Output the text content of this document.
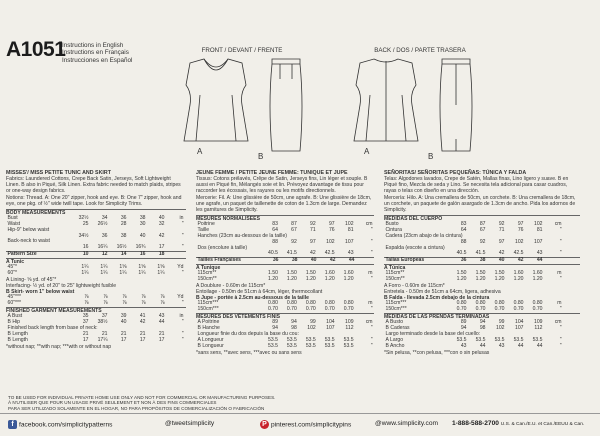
A1051
Instructions in English
Instructions en Français
Instrucciones en Español
FRONT / DEVANT / FRENTE	BACK / DOS / PARTE TRASERA
A
B
A
B
MISSES'/ MISS PETITE TUNIC AND SKIRT
Fabrics: Laundered Cottons, Crepe Back Satin, Jerseys, Soft Lightweight Linen. B also in Piqué, Silk Linen. Extra fabric needed to match plaids, stripes or one-way design fabrics.
Notions: Thread. A: One 20" zipper, hook and eye. B: One 7" zipper, hook and eye, one pkg. of ½" wide twill tape. Look for Simplicity Trims.
BODY MEASUREMENTS
Bust	32½	34	36	38	40	in
Waist	25	26½	28	30	32	"
Hip-9" below waist						
	34½	36	38	40	42	"
Back-neck to waist						
	16	16¼	16½	16¾	17	"
Pattern Size	10	12	14	16	18
A Tunic
45"*	1¼	1¼	1⅝	1⅝	1⅝	Yd
60"*	1¼	1¼	1¼	1¼	1¼	"
A Lining- ⅝ yd. of 45"*
Interfacing- ½ yd. of 20" to 25" lightweight fusible
B Skirt- worn 1" below waist
45"***	⅞	⅞	⅞	⅞	⅞	Yd
60"***	⅞	⅞	⅞	⅞	⅞	"
FINISHED GARMENT MEASUREMENTS
A Bust	35	37	39	41	43	in
B Hip	37	38½	40	42	44	"
Finished back length from base of neck:						
B Length	21	21	21	21	21	"
B Length	17	17¼	17	17	17	"
*without nap; **with nap; ***with or without nap
JEUNE FEMME / PETITE JEUNE FEMME: TUNIQUE ET JUPE
Tissus: Cotons prélavés, Crêpe de Satin, Jerseys fins, Lin léger et souple. B aussi en Piqué fin, Mélangés soie et lin. Prévoyez davantage de tissu pour raccorder les écossais, les rayures ou les motifs directionnels.
Mercerie: Fil. A: Une glissière de 50cm, une agrafe. B: Une glissière de 18cm, une agrafe, un paquet de taillenette de coton de 1.3cm de large. Demandez les garnitures de Simplicity.
MESURES NORMALISEES
Poitrine	83	87	92	97	102	cm
Taille	64	67	71	76	81	"
Hanches (23cm au-dessous de la taille)						
	88	92	97	102	107	"
Dos (encolure à taille)						
	40.5	41.5	42	42.5	43	"
Tailles Françaises	36	38	40	42	44
A Tunique
115cm**	1.50	1.50	1.50	1.60	1.60	m
150cm**	1.20	1.20	1.20	1.20	1.20	"
A Doublure - 0.60m de 115cm*
Entoilage - 0.50m de 51cm à 64cm, léger, thermocollant
B Jupe - portée à 2.5cm au-dessous de la taille
115cm***	0.80	0.80	0.80	0.80	0.80	m
150cm***	0.70	0.70	0.70	0.70	0.70	"
MESURES DES VÊTEMENTS FINIS
A Poitrine	89	94	99	104	109	cm
B Hanche	94	98	102	107	112	"
Longueur finie du dos depuis la base du cou:						
A Longueur	53.5	53.5	53.5	53.5	53.5	"
B Longueur	53.5	53.5	53.5	53.5	53.5	"
*sans sens, **avec sens, ***avec ou sans sens
SEÑORITAS/ SEÑORITAS PEQUEÑAS: TÚNICA Y FALDA
Telas: Algodones lavados, Crepe de Satén, Mallas finas, Lino ligero y suave. B en Piqué fino, Mezcla de seda y Lino. Se necesita tela adicional para casar cuadros, rayas o telas con diseño en una dirección.
Mercería: Hilo. A: Una cremallera de 50cm, un corchete. B: Una cremallera de 18cm, un corchete, un paquete de galón asargado de 1.3cm de ancho. Pida los adornos de Simplicity.
MEDIDAS DEL CUERPO
Busto	83	87	92	97	102	cm
Cintura	64	67	71	76	81	"
Cadera (23cm abajo de la cintura)						
	88	92	97	102	107	"
Espalda (escote a cintura)						
	40.5	41.5	42	42.5	43	"
Tallas Europeas	36	38	40	42	44
A Túnica
115cm**	1.50	1.50	1.50	1.60	1.60	m
150cm**	1.20	1.20	1.20	1.20	1.20	"
A Forro - 0.60m de 115cm*
Entretela - 0.50m de 51cm a 64cm, ligera, adhesiva
B Falda - llevada 2.5cm debajo de la cintura
115cm***	0.80	0.80	0.80	0.80	0.80	m
150cm***	0.70	0.70	0.70	0.70	0.70	"
MEDIDAS DE LAS PRENDAS TERMINADAS
A Busto	89	94	99	104	109	cm
B Caderas	94	98	102	107	112	"
Largo terminado desde la base del cuello:						
A Largo	53.5	53.5	53.5	53.5	53.5	"
B Ancho	43	44	43	44	44	"
*Sin pelusa, **con pelusa, ***con o sin pelusas
TO BE USED FOR INDIVIDUAL PRIVATE HOME USE ONLY AND NOT FOR COMMERCIAL OR MANUFACTURING PURPOSES.
À N'UTILISER QUE POUR UN USAGE PRIVÉ SEULEMENT ET NON À DES FINS COMMERCIALES
PARA SER UTILIZADO SOLAMENTE EN EL HOGAR, NO PARA PROPÓSITOS DE COMERCIALIZACIÓN O FABRICACIÓN
f facebook.com/simplicitypatterns	@tweetsimplicity	P pinterest.com/simplicitypins	@www.simplicity.com 1-888-588-2700 U.S. & Can./E.U. et Can./EEUU & Can.
